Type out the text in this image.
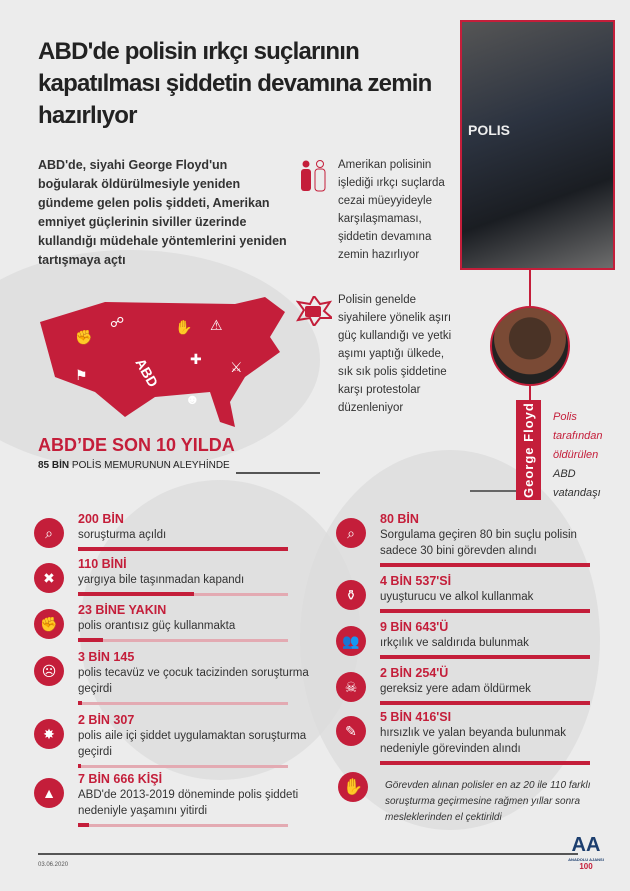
ABD'de polisin ırkçı suçlarının kapatılması şiddetin devamına zemin hazırlıyor
ABD'de, siyahi George Floyd'un boğularak öldürülmesiyle yeniden gündeme gelen polis şiddeti, Amerikan emniyet güçlerinin siviller üzerinde kullandığı müdehale yöntemlerini yeniden tartışmaya açtı
ABD
✊
☍	✋ ⚠
⚑
✚
☻
⚔
Amerikan polisinin işlediği ırkçı suçlarda cezai müeyyideyle karşılaşmaması, şiddetin devamına zemin hazırlıyor
Polisin genelde siyahilere yönelik aşırı güç kullandığı ve yetki aşımı yaptığı ülkede, sık sık polis şiddetine karşı protestolar düzenleniyor
POLIS
George Floyd	Polis
tarafından
öldürülen
ABD
vatandaşı
ABD’DE SON 10 YILDA
85 BİN POLİS MEMURUNUN ALEYHİNDE
⌕
200 BİN
soruşturma açıldı
✖
110 BİNİ
yargıya bile taşınmadan kapandı
✊
23 BİNE YAKIN
polis orantısız güç kullanmakta
☹
3 BİN 145
polis tecavüz ve çocuk tacizinden soruşturma geçirdi
✸
2 BİN 307
polis aile içi şiddet uygulamaktan soruşturma geçirdi
▲
7 BİN 666 KİŞİ
ABD'de 2013-2019 döneminde polis şiddeti nedeniyle yaşamını yitirdi
⌕
80 BİN
Sorgulama geçiren 80 bin suçlu polisin sadece 30 bini görevden alındı
⚱
4 BİN 537'Sİ
uyuşturucu ve alkol kullanmak
👥
9 BİN 643'Ü
ırkçılık ve saldırıda bulunmak
☠
2 BİN 254'Ü
gereksiz yere adam öldürmek
✎
5 BİN 416'SI
hırsızlık ve yalan beyanda bulunmak nedeniyle görevinden alındı
✋	Görevden alınan polisler en az 20 ile 110 farklı soruşturma geçirmesine rağmen yıllar sonra mesleklerinden el çektirildi
03.06.2020
ΑΑ
ANADOLU AJANSI
100
